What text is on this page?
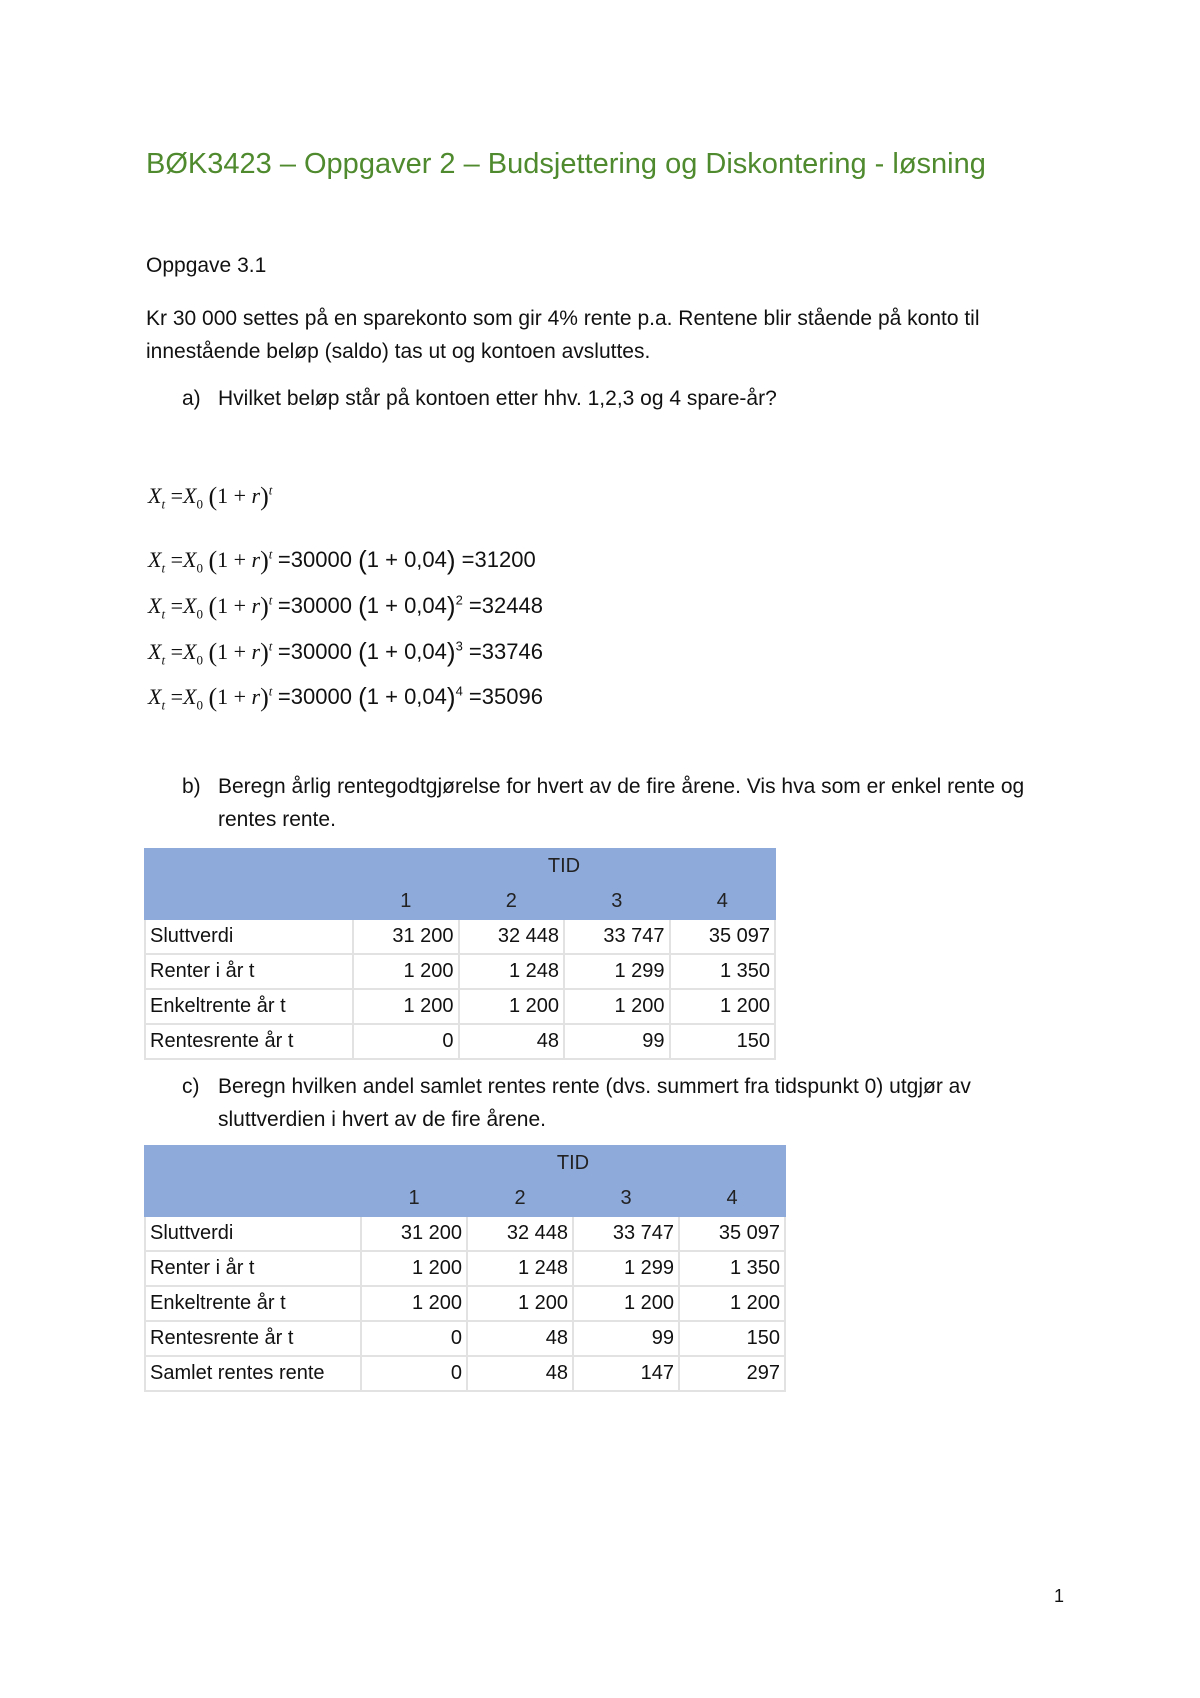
BØK3423 – Oppgaver 2 – Budsjettering og Diskontering - løsning
Oppgave 3.1
Kr 30 000 settes på en sparekonto som gir 4% rente p.a. Rentene blir stående på konto til innestående beløp (saldo) tas ut og kontoen avsluttes.
a) Hvilket beløp står på kontoen etter hhv. 1,2,3 og 4 spare-år?
$X_t =X_0$ $(1 + r)^t$
$X_t =X_0$ $(1 + r)^t =30000$ (1 + 0,04) =31200
$X_t =X_0$ $(1 + r)^t =30000$ $(1 + 0,04)^2 =32448$
$X_t =X_0$ $(1 + r)^t =30000$ $(1 + 0,04)^3 =33746$
$X_t =X_0$ $(1 + r)^t =30000$ $(1 + 0,04)^4 =35096$
b) Beregn årlig rentegodtgjørelse for hvert av de fire årene. Vis hva som er enkel rente og rentes rente.
	TID			
	1	2	3	4
Sluttverdi	31 200	32 448	33 747	35 097
Renter i år t	1 200	1 248	1 299	1 350
Enkeltrente år t	1 200	1 200	1 200	1 200
Rentesrente år t	0	48	99	150
c) Beregn hvilken andel samlet rentes rente (dvs. summert fra tidspunkt 0) utgjør av sluttverdien i hvert av de fire årene.
	TID			
	1	2	3	4
Sluttverdi	31 200	32 448	33 747	35 097
Renter i år t	1 200	1 248	1 299	1 350
Enkeltrente år t	1 200	1 200	1 200	1 200
Rentesrente år t	0	48	99	150
Samlet rentes rente	0	48	147	297
1
